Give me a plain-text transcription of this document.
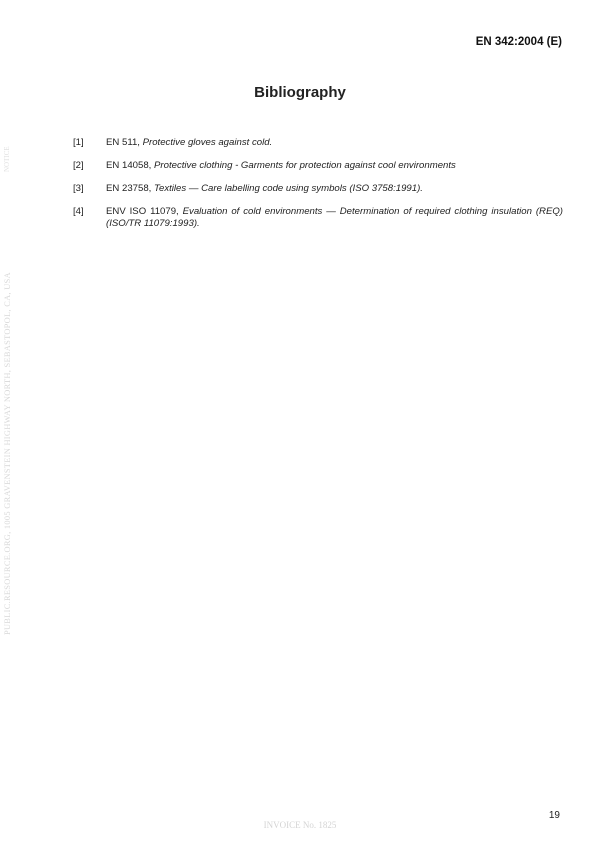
EN 342:2004 (E)
Bibliography
[1]	EN 511, Protective gloves against cold.
[2]	EN 14058, Protective clothing - Garments for protection against cool environments
[3]	EN 23758, Textiles — Care labelling code using symbols (ISO 3758:1991).
[4]	ENV ISO 11079, Evaluation of cold environments — Determination of required clothing insulation (REQ) (ISO/TR 11079:1993).
NOTICE
PUBLIC.RESOURCE.ORG, 1005 GRAVENSTEIN HIGHWAY NORTH, SEBASTOPOL, CA, USA
INVOICE No. 1825
19
